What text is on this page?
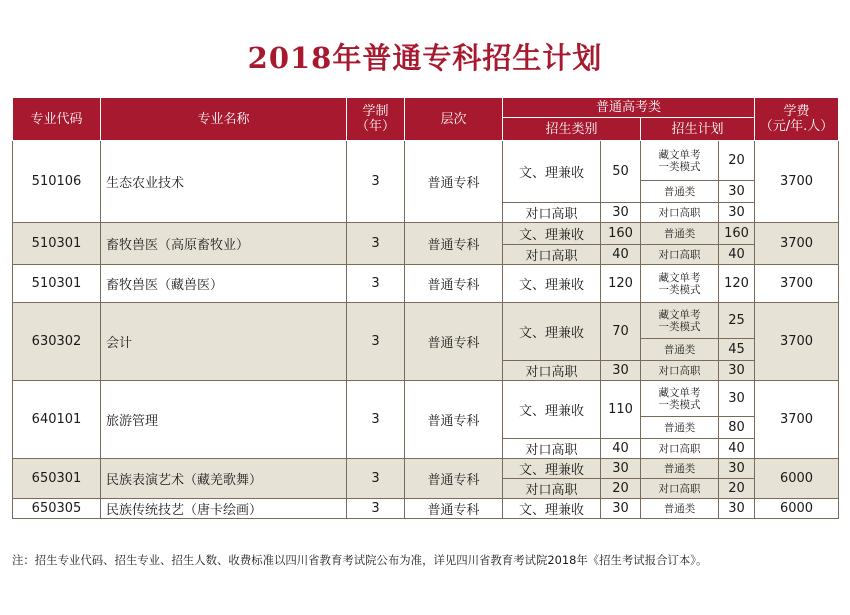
2018年普通专科招生计划
专业代码	专业名称	学制
（年）	层次	普通高考类				学费
（元/年.人）
				招生类别		招生计划		
510106	生态农业技术	3	普通专科	文、理兼收	50	藏文单考
一类模式	20	3700
						普通类	30	
				对口高职	30	对口高职	30	
510301	畜牧兽医（高原畜牧业）	3	普通专科	文、理兼收	160	普通类	160	3700
				对口高职	40	对口高职	40	
510301	畜牧兽医（藏兽医）	3	普通专科	文、理兼收	120	藏文单考
一类模式	120	3700
630302	会计	3	普通专科	文、理兼收	70	藏文单考
一类模式	25	3700
						普通类	45	
				对口高职	30	对口高职	30	
640101	旅游管理	3	普通专科	文、理兼收	110	藏文单考
一类模式	30	3700
						普通类	80	
				对口高职	40	对口高职	40	
650301	民族表演艺术（藏羌歌舞）	3	普通专科	文、理兼收	30	普通类	30	6000
				对口高职	20	对口高职	20	
650305	民族传统技艺（唐卡绘画）	3	普通专科	文、理兼收	30	普通类	30	6000
注：招生专业代码、招生专业、招生人数、收费标准以四川省教育考试院公布为准，详见四川省教育考试院2018年《招生考试报合订本》。
